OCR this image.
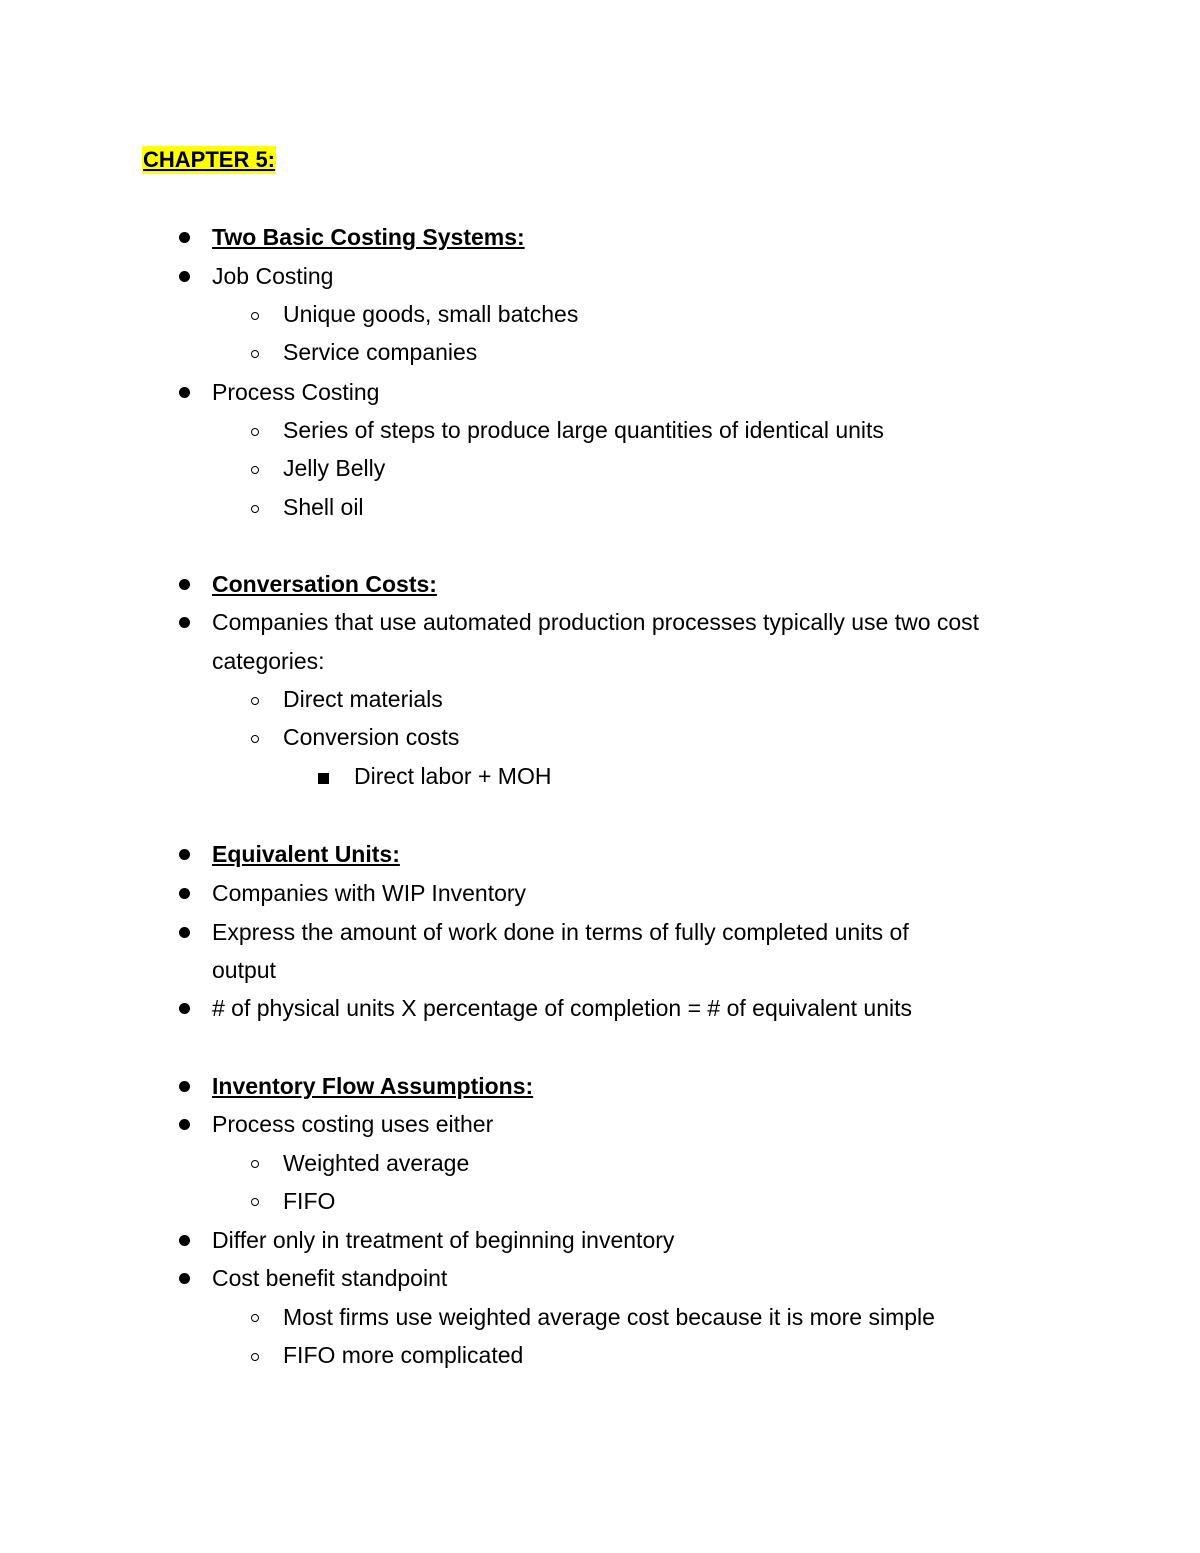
CHAPTER 5:
Two Basic Costing Systems:
Job Costing
Unique goods, small batches
Service companies
Process Costing
Series of steps to produce large quantities of identical units
Jelly Belly
Shell oil
Conversation Costs:
Companies that use automated production processes typically use two cost
categories:
Direct materials
Conversion costs
Direct labor + MOH
Equivalent Units:
Companies with WIP Inventory
Express the amount of work done in terms of fully completed units of
output
# of physical units X percentage of completion = # of equivalent units
Inventory Flow Assumptions:
Process costing uses either
Weighted average
FIFO
Differ only in treatment of beginning inventory
Cost benefit standpoint
Most firms use weighted average cost because it is more simple
FIFO more complicated
